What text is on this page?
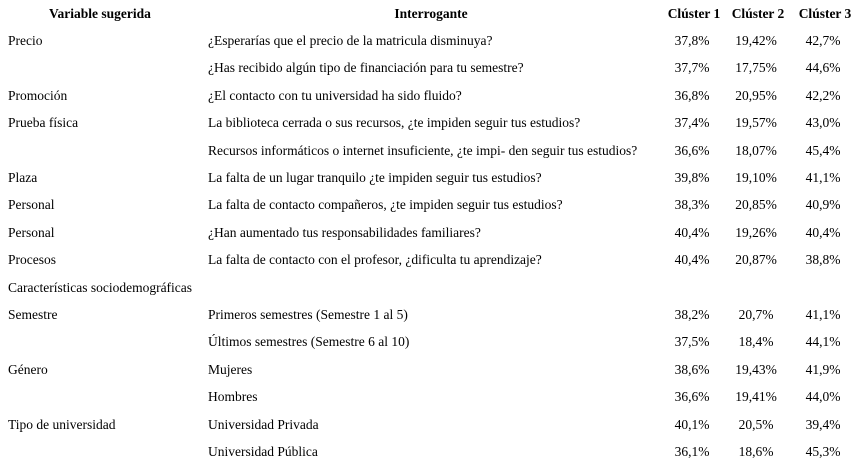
Variable sugerida	Interrogante	Clúster 1	Clúster 2	Clúster 3
Precio	¿Esperarías que el precio de la matricula disminuya?	37,8%	19,42%	42,7%
	¿Has recibido algún tipo de financiación para tu semestre?	37,7%	17,75%	44,6%
Promoción	¿El contacto con tu universidad ha sido fluido?	36,8%	20,95%	42,2%
Prueba física	La biblioteca cerrada o sus recursos, ¿te impiden seguir tus estudios?	37,4%	19,57%	43,0%
	Recursos informáticos o internet insuficiente, ¿te impi- den seguir tus estudios?	36,6%	18,07%	45,4%
Plaza	La falta de un lugar tranquilo ¿te impiden seguir tus estudios?	39,8%	19,10%	41,1%
Personal	La falta de contacto compañeros, ¿te impiden seguir tus estudios?	38,3%	20,85%	40,9%
Personal	¿Han aumentado tus responsabilidades familiares?	40,4%	19,26%	40,4%
Procesos	La falta de contacto con el profesor, ¿dificulta tu aprendizaje?	40,4%	20,87%	38,8%
Características sociodemográficas				
Semestre	Primeros semestres (Semestre 1 al 5)	38,2%	20,7%	41,1%
	Últimos semestres (Semestre 6 al 10)	37,5%	18,4%	44,1%
Género	Mujeres	38,6%	19,43%	41,9%
	Hombres	36,6%	19,41%	44,0%
Tipo de universidad	Universidad Privada	40,1%	20,5%	39,4%
	Universidad Pública	36,1%	18,6%	45,3%
